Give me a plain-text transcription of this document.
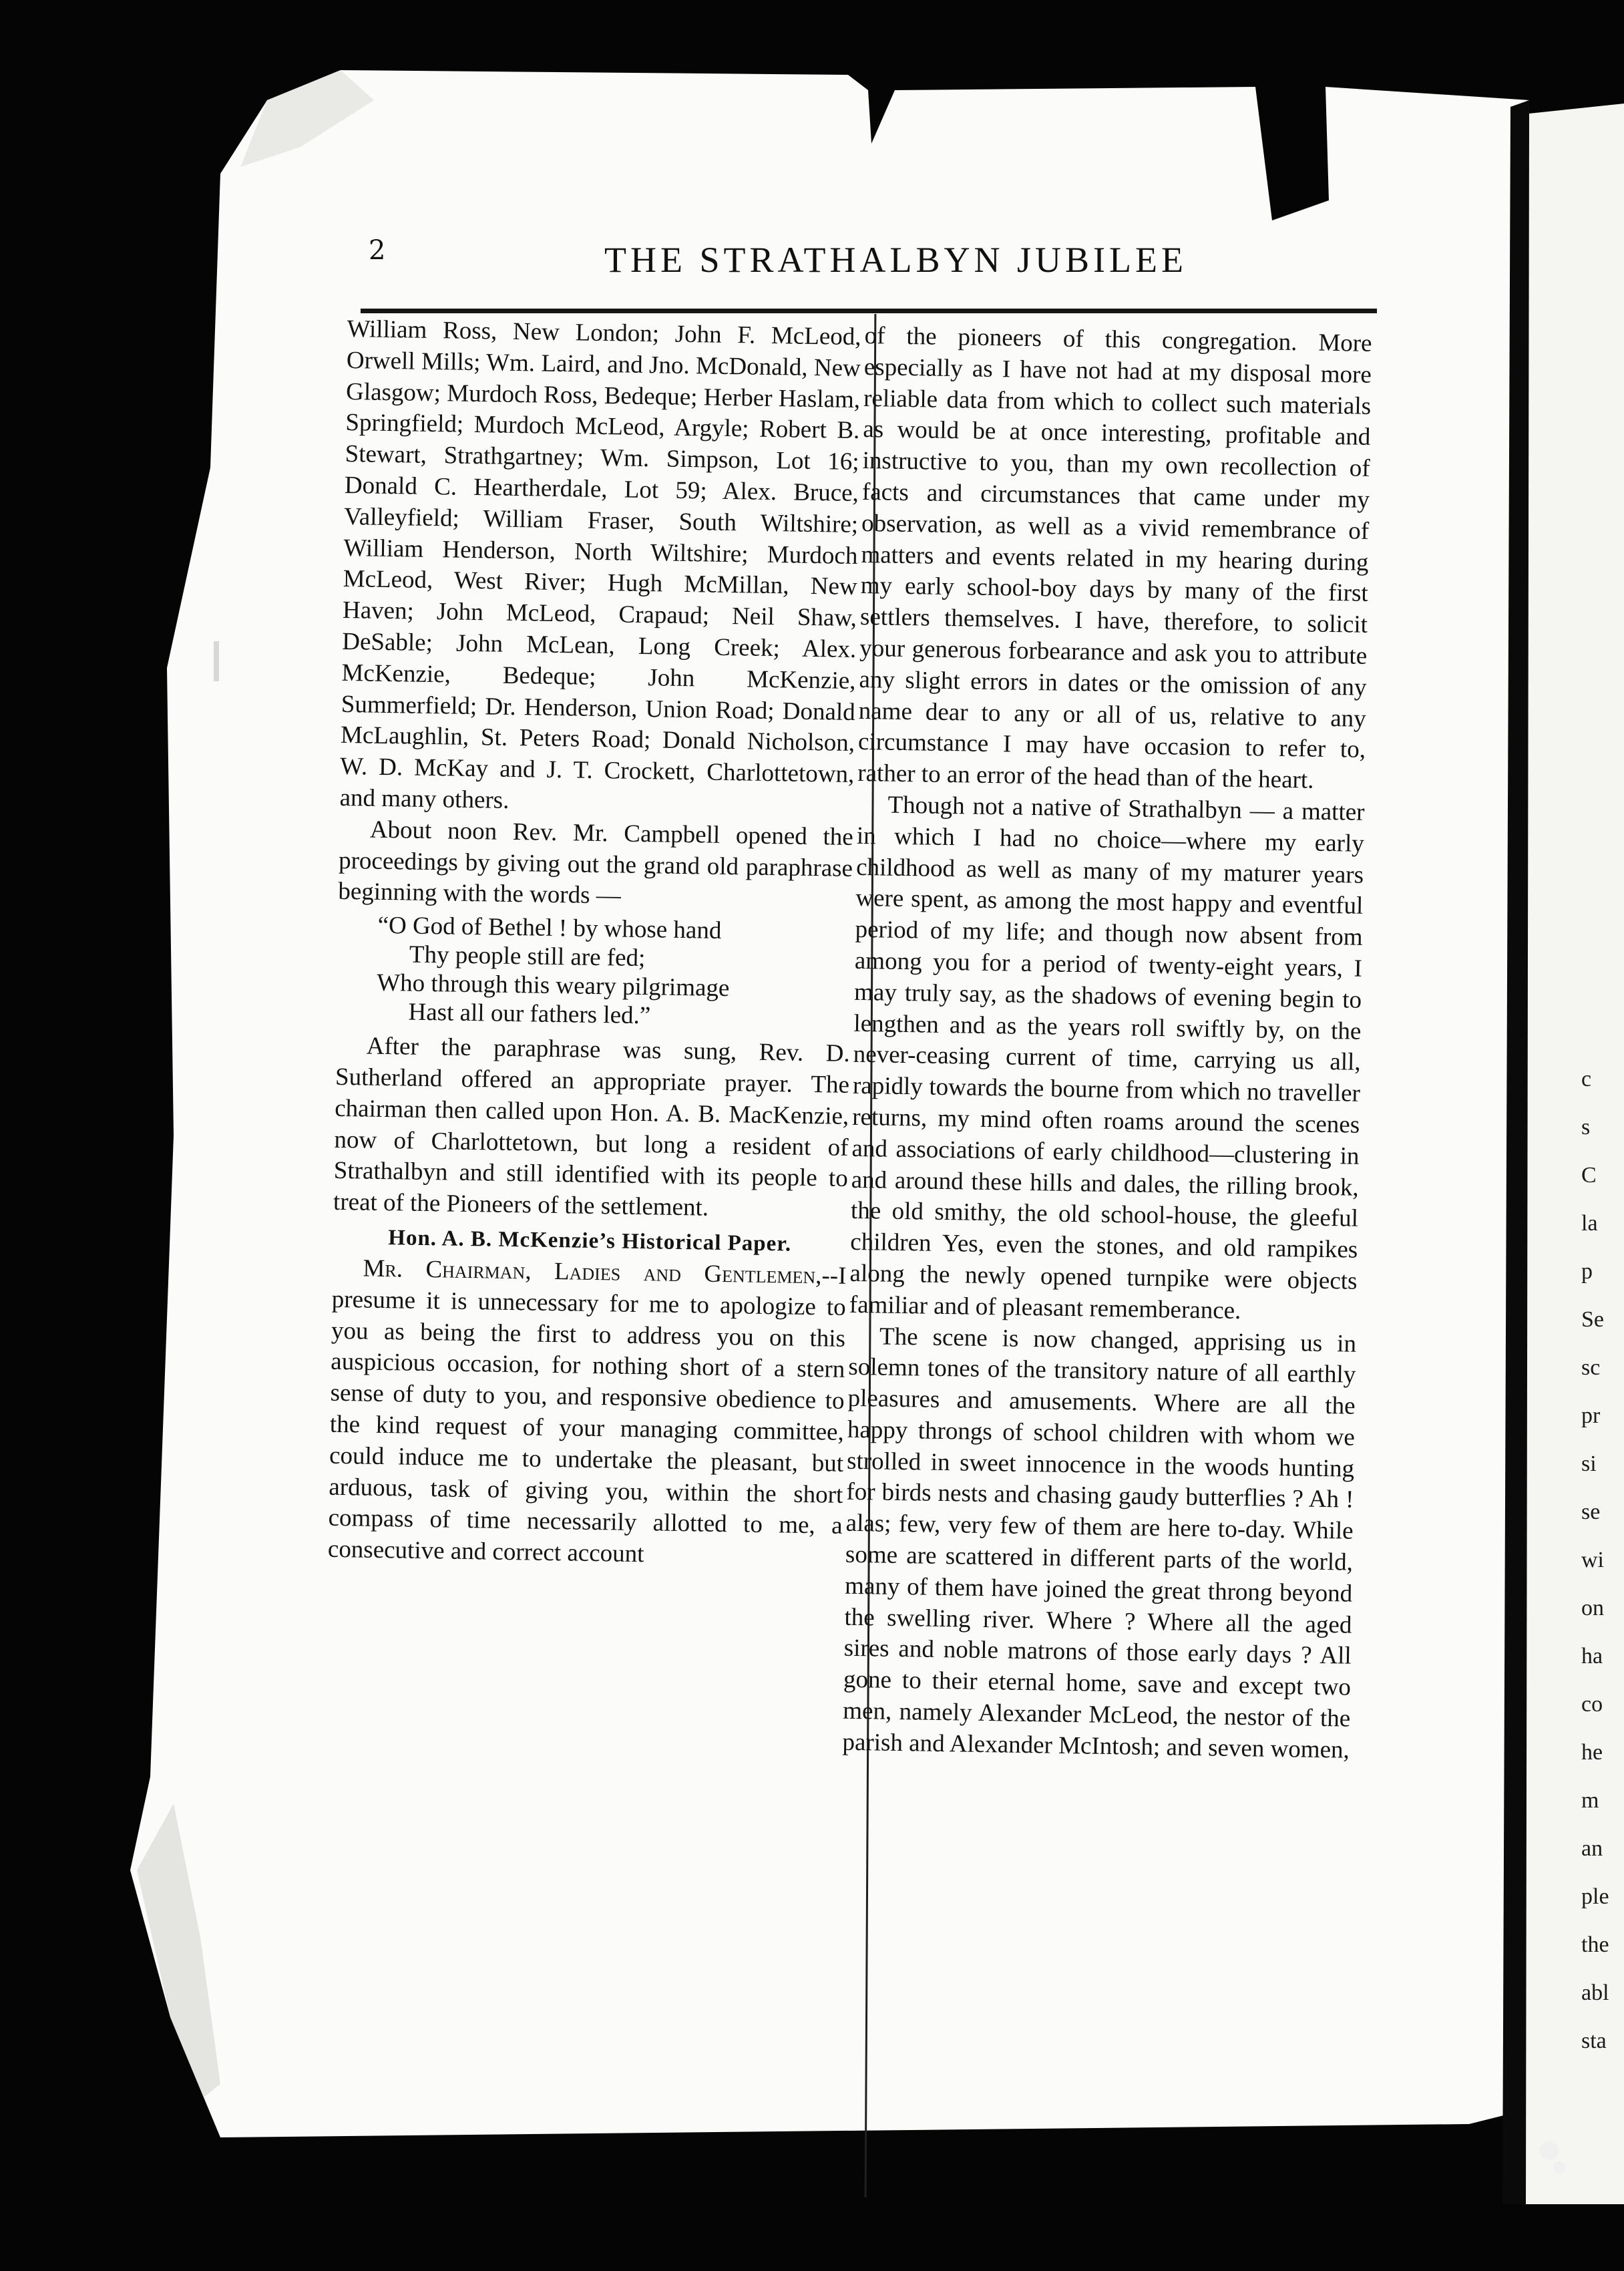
2	THE STRATHALBYN JUBILEE

William Ross, New London; John F. McLeod, Orwell Mills; Wm. Laird, and Jno. McDonald, New Glasgow; Murdoch Ross, Bedeque; Herber Haslam, Springfield; Murdoch McLeod, Argyle; Robert B. Stewart, Strathgartney; Wm. Simpson, Lot 16; Donald C. Heartherdale, Lot 59; Alex. Bruce, Valleyfield; William Fraser, South Wiltshire; William Henderson, North Wiltshire; Murdoch McLeod, West River; Hugh McMillan, New Haven; John McLeod, Crapaud; Neil Shaw, DeSable; John McLean, Long Creek; Alex. McKenzie, Bedeque; John McKenzie, Summerfield; Dr. Henderson, Union Road; Donald McLaughlin, St. Peters Road; Donald Nicholson, W. D. McKay and J. T. Crockett, Charlottetown, and many others.

About noon Rev. Mr. Campbell opened the proceedings by giving out the grand old paraphrase beginning with the words —

“O God of Bethel ! by whose hand
Thy people still are fed;
Who through this weary pilgrimage
Hast all our fathers led.”

After the paraphrase was sung, Rev. D. Sutherland offered an appropriate prayer. The chairman then called upon Hon. A. B. MacKenzie, now of Charlottetown, but long a resident of Strathalbyn and still identified with its people to treat of the Pioneers of the settlement.

Hon. A. B. McKenzie’s Historical Paper.

Mr. Chairman, Ladies and Gentlemen,--I presume it is unnecessary for me to apologize to you as being the first to address you on this auspicious occasion, for nothing short of a stern sense of duty to you, and responsive obedience to the kind request of your managing committee, could induce me to undertake the pleasant, but arduous, task of giving you, within the short compass of time necessarily allotted to me, a consecutive and correct account

of the pioneers of this congregation. More especially as I have not had at my disposal more reliable data from which to collect such materials as would be at once interesting, profitable and instructive to you, than my own recollection of facts and circumstances that came under my observation, as well as a vivid remembrance of matters and events related in my hearing during my early school-boy days by many of the first settlers themselves. I have, therefore, to solicit your generous forbearance and ask you to attribute any slight errors in dates or the omission of any name dear to any or all of us, relative to any circumstance I may have occasion to refer to, rather to an error of the head than of the heart.

Though not a native of Strathalbyn — a matter in which I had no choice—where my early childhood as well as many of my maturer years were spent, as among the most happy and eventful period of my life; and though now absent from among you for a period of twenty-eight years, I may truly say, as the shadows of evening begin to lengthen and as the years roll swiftly by, on the never-ceasing current of time, carrying us all, rapidly towards the bourne from which no traveller returns, my mind often roams around the scenes and associations of early childhood—clustering in and around these hills and dales, the rilling brook, the old smithy, the old school-house, the gleeful children Yes, even the stones, and old rampikes along the newly opened turnpike were objects familiar and of pleasant rememberance.

The scene is now changed, apprising us in solemn tones of the transitory nature of all earthly pleasures and amusements. Where are all the happy throngs of school children with whom we strolled in sweet innocence in the woods hunting for birds nests and chasing gaudy butterflies ? Ah ! alas; few, very few of them are here to-day. While some are scattered in different parts of the world, many of them have joined the great throng beyond the swelling river. Where ? Where all the aged sires and noble matrons of those early days ? All gone to their eternal home, save and except two men, namely Alexander McLeod, the nestor of the parish and Alexander McIntosh; and seven women,

c
s
C
la
p
Se
sc
pr
si
se
wi
on
ha
co
he
m
an
ple
the
abl
sta
